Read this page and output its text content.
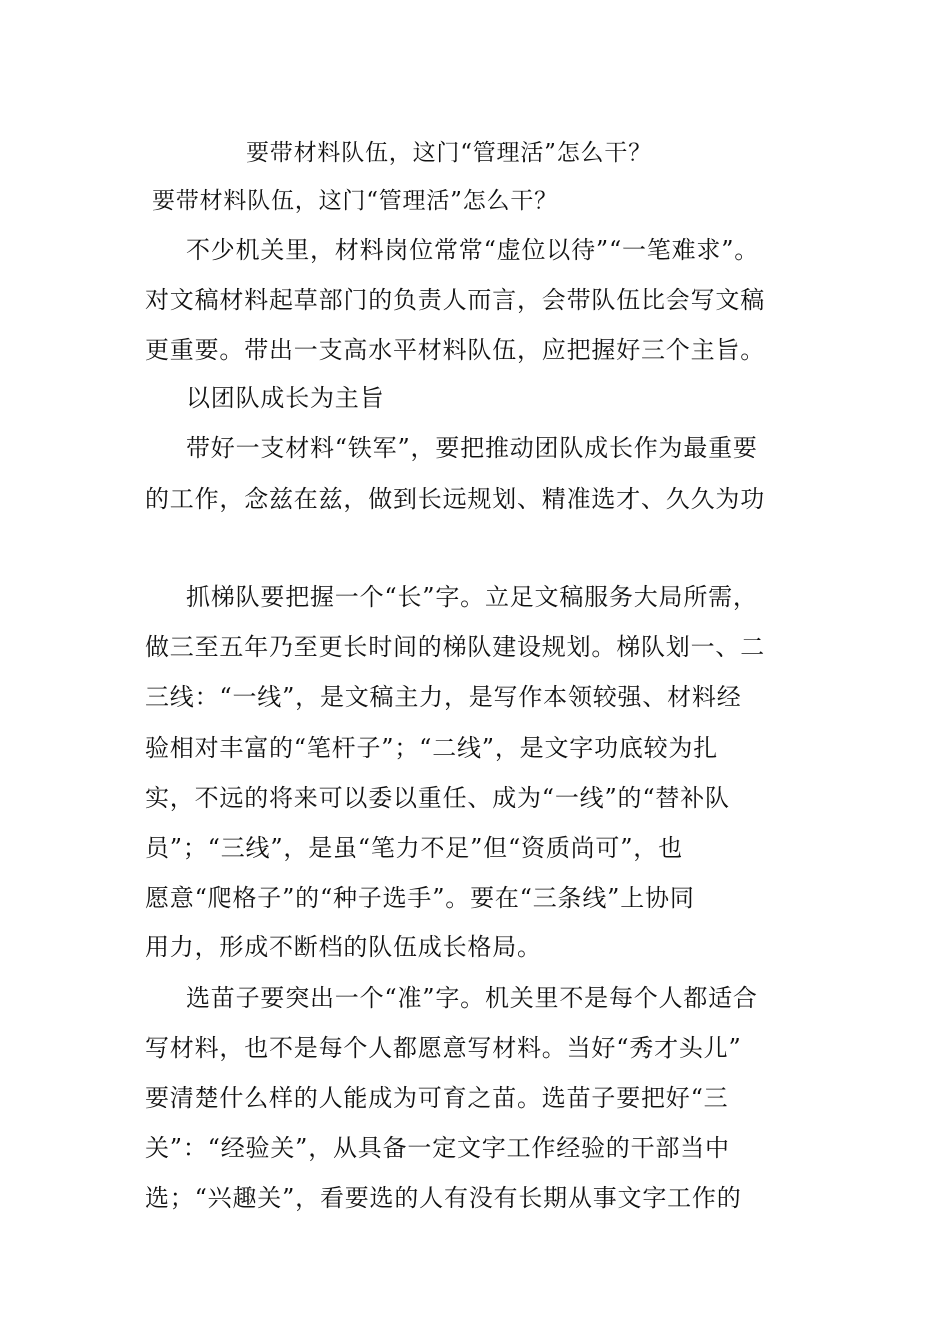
要带材料队伍，这门“管理活”怎么干？
要带材料队伍，这门“管理活”怎么干？
不少机关里，材料岗位常常“虚位以待”“一笔难求”。
对文稿材料起草部门的负责人而言，会带队伍比会写文稿
更重要。带出一支高水平材料队伍，应把握好三个主旨。
以团队成长为主旨
带好一支材料“铁军”，要把推动团队成长作为最重要
的工作，念兹在兹，做到长远规划、精准选才、久久为功
抓梯队要把握一个“长”字。立足文稿服务大局所需，
做三至五年乃至更长时间的梯队建设规划。梯队划一、二
三线：“一线”，是文稿主力，是写作本领较强、材料经
验相对丰富的“笔杆子”；“二线”，是文字功底较为扎
实，不远的将来可以委以重任、成为“一线”的“替补队
员”；“三线”，是虽“笔力不足”但“资质尚可”，也
愿意“爬格子”的“种子选手”。要在“三条线”上协同
用力，形成不断档的队伍成长格局。
选苗子要突出一个“准”字。机关里不是每个人都适合
写材料，也不是每个人都愿意写材料。当好“秀才头儿”
要清楚什么样的人能成为可育之苗。选苗子要把好“三
关”：“经验关”，从具备一定文字工作经验的干部当中
选；“兴趣关”，看要选的人有没有长期从事文字工作的
